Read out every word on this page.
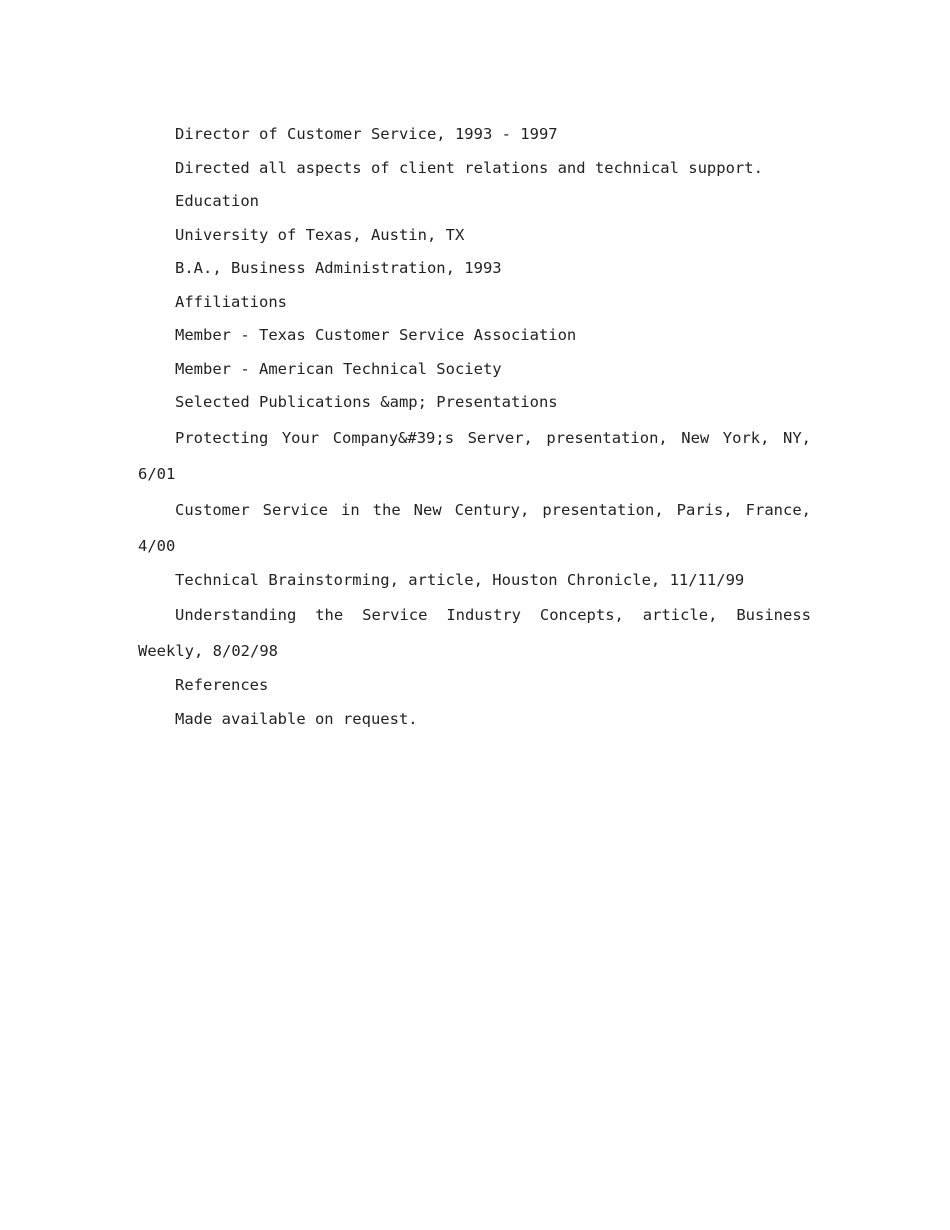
Director of Customer Service, 1993 - 1997

Directed all aspects of client relations and technical support.

Education

University of Texas, Austin, TX

B.A., Business Administration, 1993

Affiliations

Member - Texas Customer Service Association

Member - American Technical Society

Selected Publications &amp; Presentations

Protecting Your Company&#39;s Server, presentation, New York, NY, 6/01

Customer Service in the New Century, presentation, Paris, France, 4/00

Technical Brainstorming, article, Houston Chronicle, 11/11/99

Understanding the Service Industry Concepts, article, Business Weekly, 8/02/98

References

Made available on request.
